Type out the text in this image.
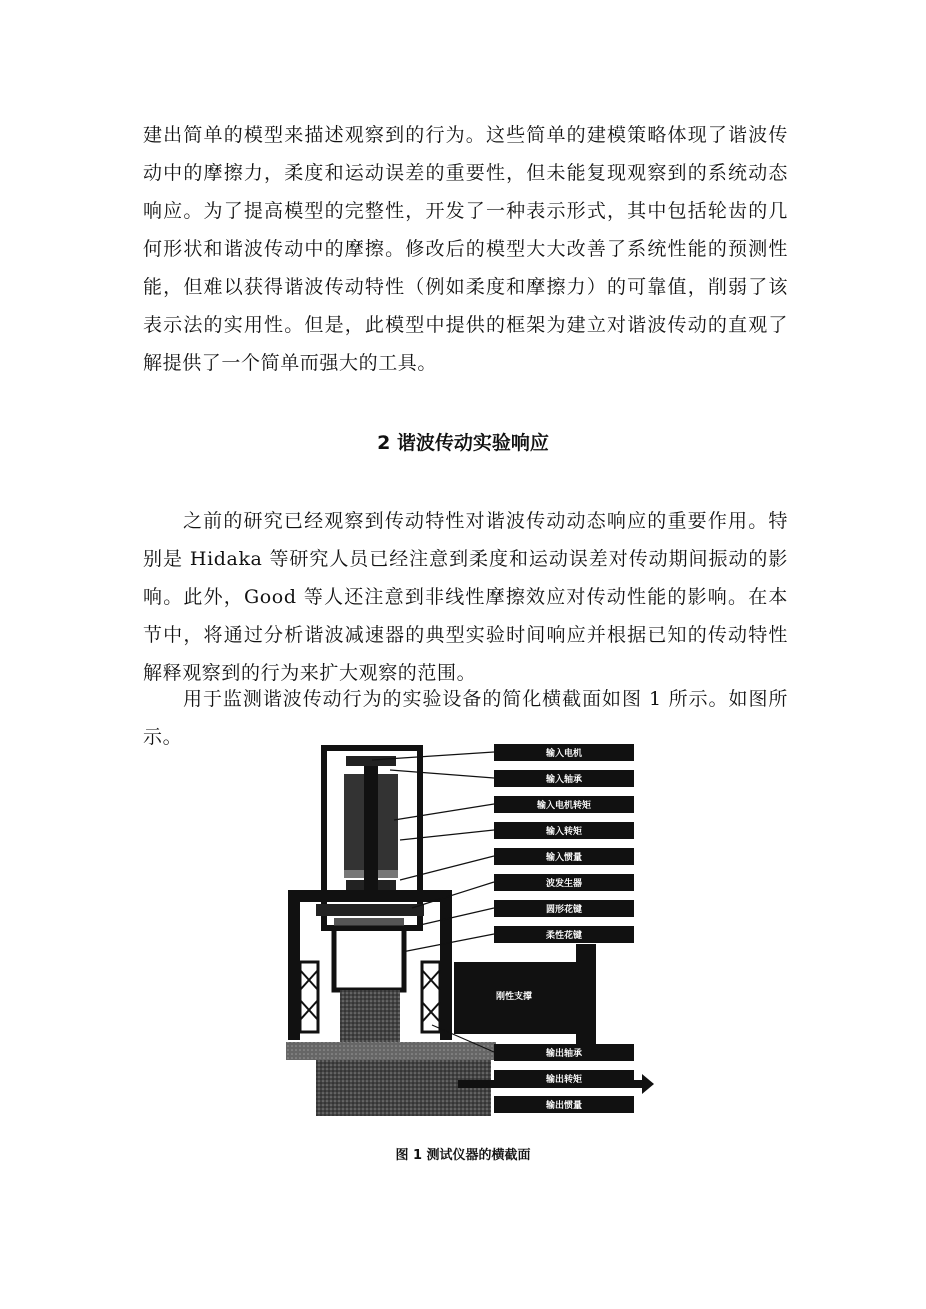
建出简单的模型来描述观察到的行为。这些简单的建模策略体现了谐波传动中的摩擦力，柔度和运动误差的重要性，但未能复现观察到的系统动态响应。为了提高模型的完整性，开发了一种表示形式，其中包括轮齿的几何形状和谐波传动中的摩擦。修改后的模型大大改善了系统性能的预测性能，但难以获得谐波传动特性（例如柔度和摩擦力）的可靠值，削弱了该表示法的实用性。但是，此模型中提供的框架为建立对谐波传动的直观了解提供了一个简单而强大的工具。

2 谐波传动实验响应

之前的研究已经观察到传动特性对谐波传动动态响应的重要作用。特别是 Hidaka 等研究人员已经注意到柔度和运动误差对传动期间振动的影响。此外，Good 等人还注意到非线性摩擦效应对传动性能的影响。在本节中，将通过分析谐波减速器的典型实验时间响应并根据已知的传动特性解释观察到的行为来扩大观察的范围。

用于监测谐波传动行为的实验设备的简化横截面如图 1 所示。如图所示。

刚性支撑
输入电机
输入轴承
输入电机转矩
输入转矩
输入惯量
波发生器
圆形花键
柔性花键
输出轴承
输出转矩
输出惯量
图 1 测试仪器的横截面
